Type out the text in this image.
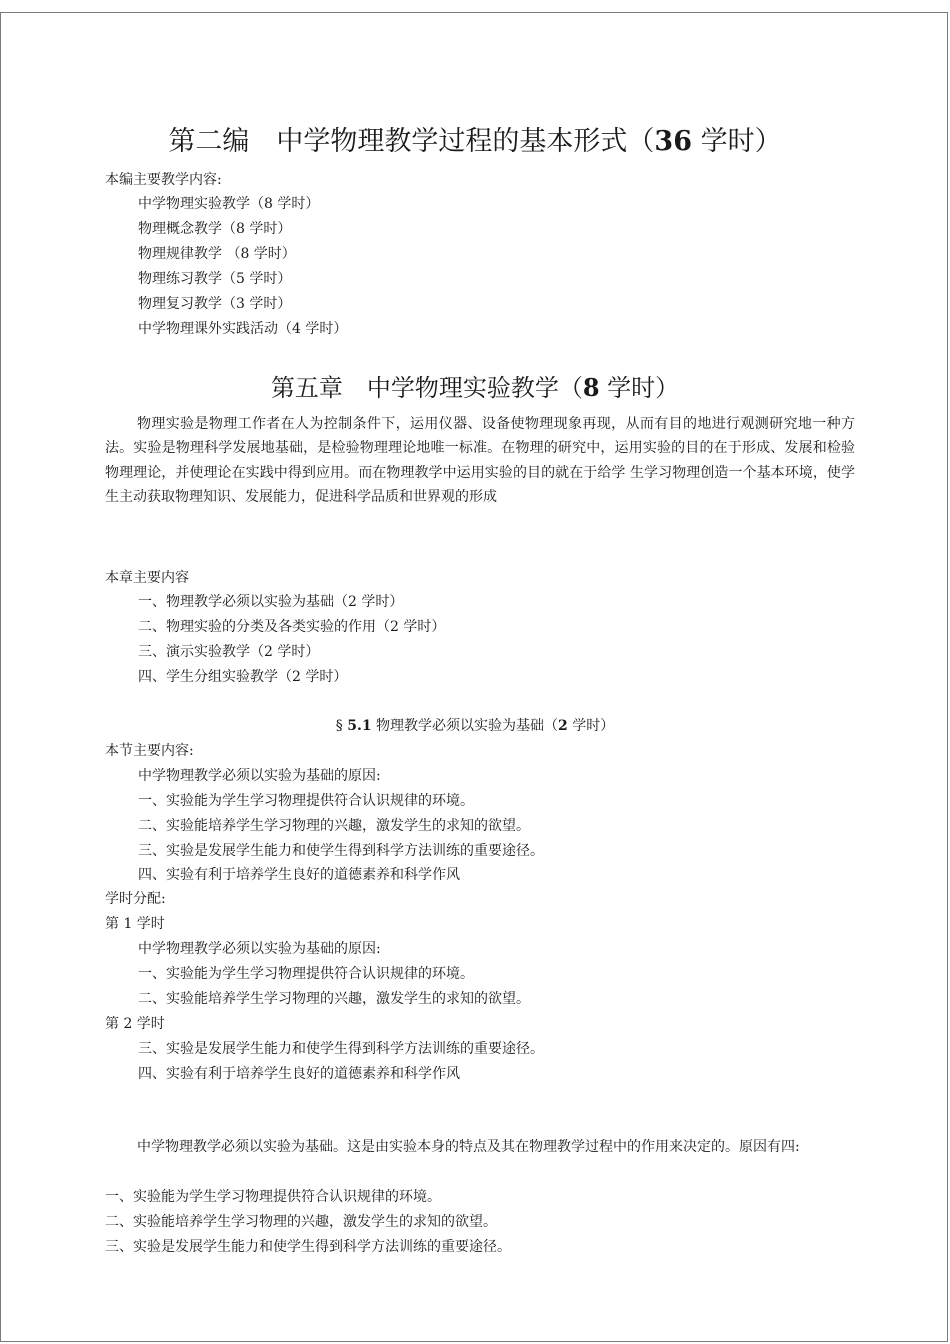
第二编　中学物理教学过程的基本形式（36 学时）
本编主要教学内容:
中学物理实验教学（8 学时）
物理概念教学（8 学时）
物理规律教学 （8 学时）
物理练习教学（5 学时）
物理复习教学（3 学时）
中学物理课外实践活动（4 学时）
第五章　中学物理实验教学（8 学时）

物理实验是物理工作者在人为控制条件下，运用仪器、设备使物理现象再现，从而有目的地进行观测研究地一种方法。实验是物理科学发展地基础，是检验物理理论地唯一标准。在物理的研究中，运用实验的目的在于形成、发展和检验物理理论，并使理论在实践中得到应用。而在物理教学中运用实验的目的就在于给学 生学习物理创造一个基本环境，使学生主动获取物理知识、发展能力，促进科学品质和世界观的形成

本章主要内容
一、物理教学必须以实验为基础（2 学时）
二、物理实验的分类及各类实验的作用（2 学时）
三、演示实验教学（2 学时）
四、学生分组实验教学（2 学时）
§ 5.1 物理教学必须以实验为基础（2 学时）
本节主要内容:
中学物理教学必须以实验为基础的原因:
一、实验能为学生学习物理提供符合认识规律的环境。
二、实验能培养学生学习物理的兴趣，激发学生的求知的欲望。
三、实验是发展学生能力和使学生得到科学方法训练的重要途径。
四、实验有利于培养学生良好的道德素养和科学作风
学时分配:
第 1 学时
中学物理教学必须以实验为基础的原因:
一、实验能为学生学习物理提供符合认识规律的环境。
二、实验能培养学生学习物理的兴趣，激发学生的求知的欲望。
第 2 学时
三、实验是发展学生能力和使学生得到科学方法训练的重要途径。
四、实验有利于培养学生良好的道德素养和科学作风

中学物理教学必须以实验为基础。这是由实验本身的特点及其在物理教学过程中的作用来决定的。原因有四:

一、实验能为学生学习物理提供符合认识规律的环境。
二、实验能培养学生学习物理的兴趣，激发学生的求知的欲望。
三、实验是发展学生能力和使学生得到科学方法训练的重要途径。
